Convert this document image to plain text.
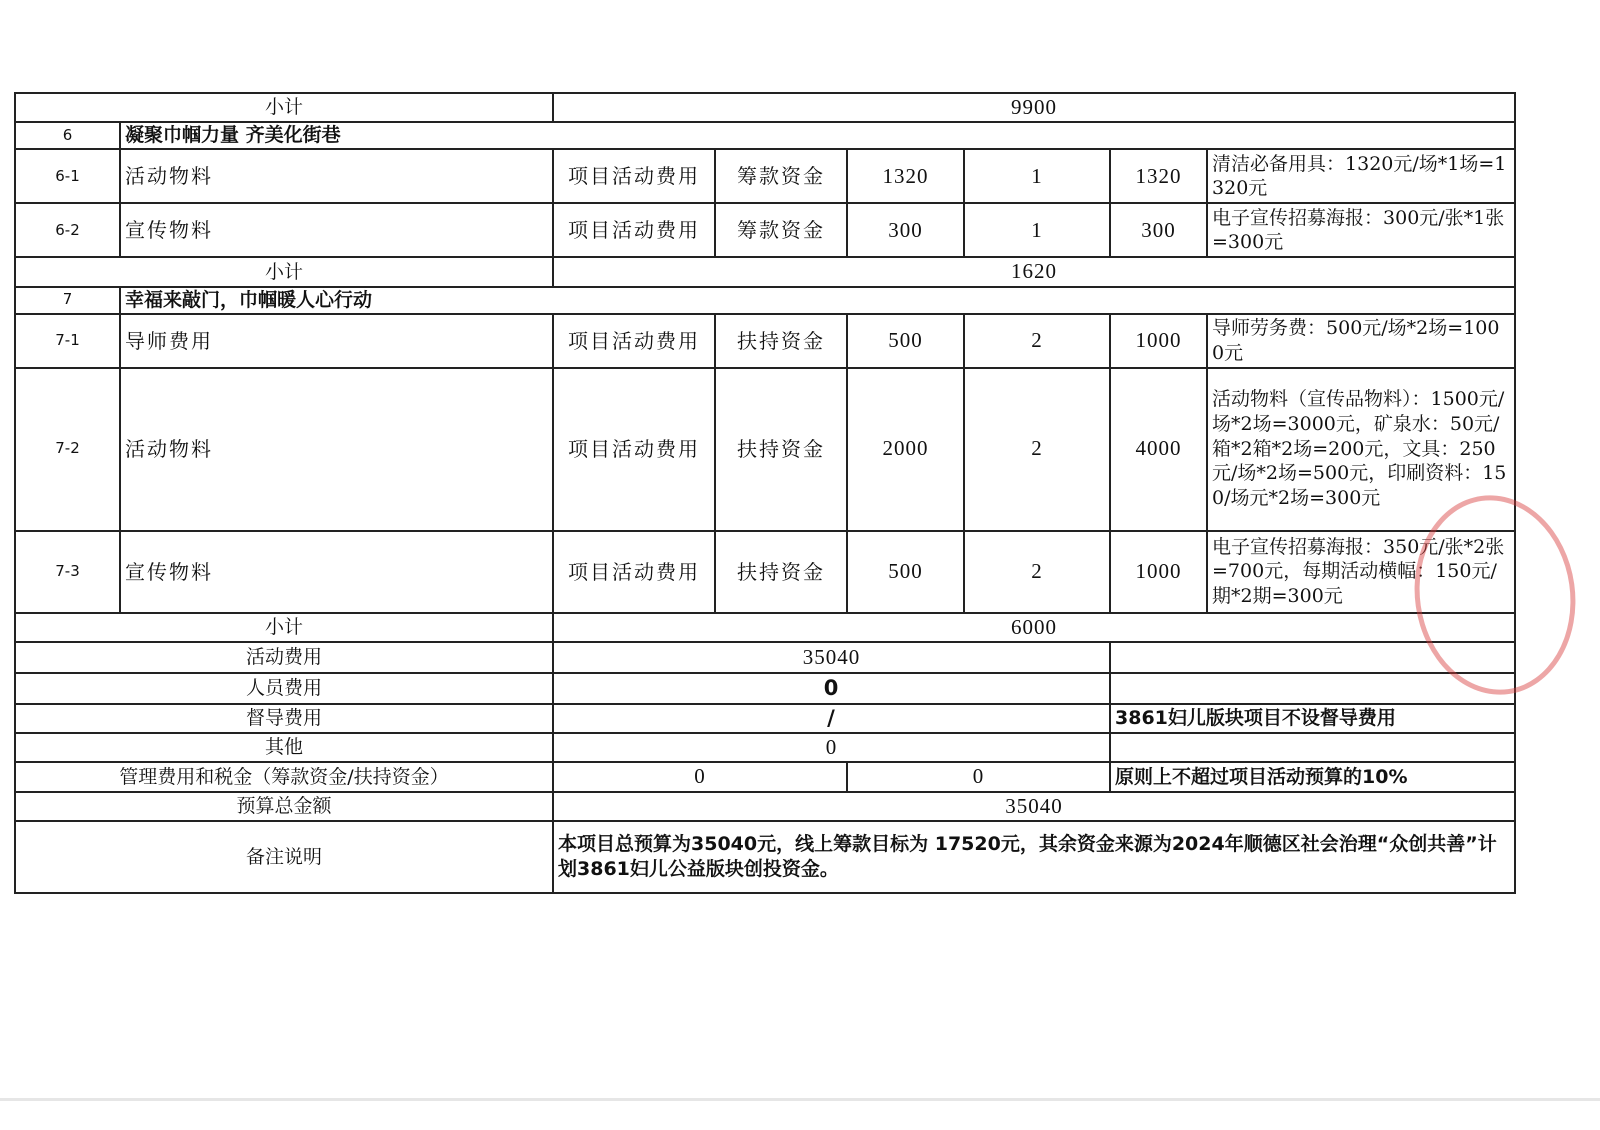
小计		9900					
6	凝聚巾帼力量 齐美化街巷						
6-1	活动物料	项目活动费用	筹款资金	1320	1	1320	清洁必备用具：1320元/场*1场=1320元
6-2	宣传物料	项目活动费用	筹款资金	300	1	300	电子宣传招募海报：300元/张*1张=300元
小计		1620					
7	幸福来敲门，巾帼暖人心行动						
7-1	导师费用	项目活动费用	扶持资金	500	2	1000	导师劳务费：500元/场*2场=1000元
7-2	活动物料	项目活动费用	扶持资金	2000	2	4000	活动物料（宣传品物料）：1500元/场*2场=3000元，矿泉水：50元/箱*2箱*2场=200元，文具：250元/场*2场=500元，印刷资料：150/场元*2场=300元
7-3	宣传物料	项目活动费用	扶持资金	500	2	1000	电子宣传招募海报：350元/张*2张=700元，每期活动横幅：150元/期*2期=300元
小计		6000					
活动费用		35040					
人员费用		0					
督导费用		/				3861妇儿版块项目不设督导费用	
其他		0					
管理费用和税金（筹款资金/扶持资金）		0		0		原则上不超过项目活动预算的10%	
预算总金额		35040					
备注说明		本项目总预算为35040元，线上筹款目标为 17520元，其余资金来源为2024年顺德区社会治理“众创共善”计划3861妇儿公益版块创投资金。					
